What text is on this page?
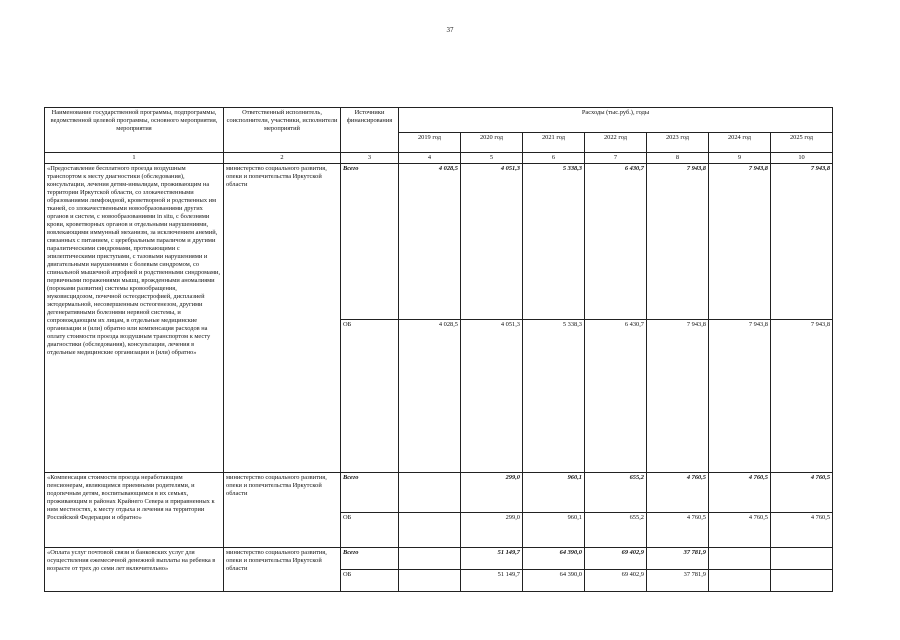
37
Наименование государственной программы, подпрограммы, ведомственной целевой программы, основного мероприятия, мероприятия	Ответственный исполнитель, соисполнители, участники, исполнители мероприятий	Источники финансирования	Расходы (тыс.руб.), годы						
			2019 год	2020 год	2021 год	2022 год	2023 год	2024 год	2025 год
1	2	3	4	5	6	7	8	9	10
«Предоставление бесплатного проезда воздушным транспортом к месту диагностики (обследования), консультации, лечения детям-инвалидам, проживающим на территории Иркутской области, со злокачественными образованиями лимфоидной, кроветворной и родственных им тканей, со злокачественными новообразованиями других органов и систем, с новообразованиями in situ, с болезнями крови, кроветворных органов и отдельными нарушениями, вовлекающими иммунный механизм, за исключением анемий, связанных с питанием, с церебральным параличом и другими паралитическими синдромами, протекающими с эпилептическими приступами, с тазовыми нарушениями и двигательными нарушениями с болевым синдромом, со спинальной мышечной атрофией и родственными синдромами, первичными поражениями мышц, врожденными аномалиями (пороками развития) системы кровообращения, муковисцидозом, почечной остеодистрофией, дисплазией эктодермальной, несовершенным остеогенезом, другими дегенеративными болезнями нервной системы, и сопровождающим их лицам, в отдельные медицинские организации и (или) обратно или компенсация расходов на оплату стоимости проезда воздушным транспортом к месту диагностики (обследования), консультации, лечения в отдельные медицинские организации и (или) обратно»	министерство социального развития, опеки и попечительства Иркутской области	Всего	4 028,5	4 051,3	5 338,3	6 430,7	7 943,8	7 943,8	7 943,8
		ОБ	4 028,5	4 051,3	5 338,3	6 430,7	7 943,8	7 943,8	7 943,8
«Компенсация стоимости проезда неработающим пенсионерам, являющимся приемными родителями, и подопечным детям, воспитывающимся в их семьях, проживающим в районах Крайнего Севера и приравненных к ним местностях, к месту отдыха и лечения на территории Российской Федерации и обратно»	министерство социального развития, опеки и попечительства Иркутской области	Всего		299,0	960,1	655,2	4 760,5	4 760,5	4 760,5
		ОБ		299,0	960,1	655,2	4 760,5	4 760,5	4 760,5
«Оплата услуг почтовой связи и банковских услуг для осуществления ежемесячной денежной выплаты на ребенка в возрасте от трех до семи лет включительно»	министерство социального развития, опеки и попечительства Иркутской области	Всего		51 149,7	64 390,0	69 402,9	37 781,9		
		ОБ		51 149,7	64 390,0	69 402,9	37 781,9		
